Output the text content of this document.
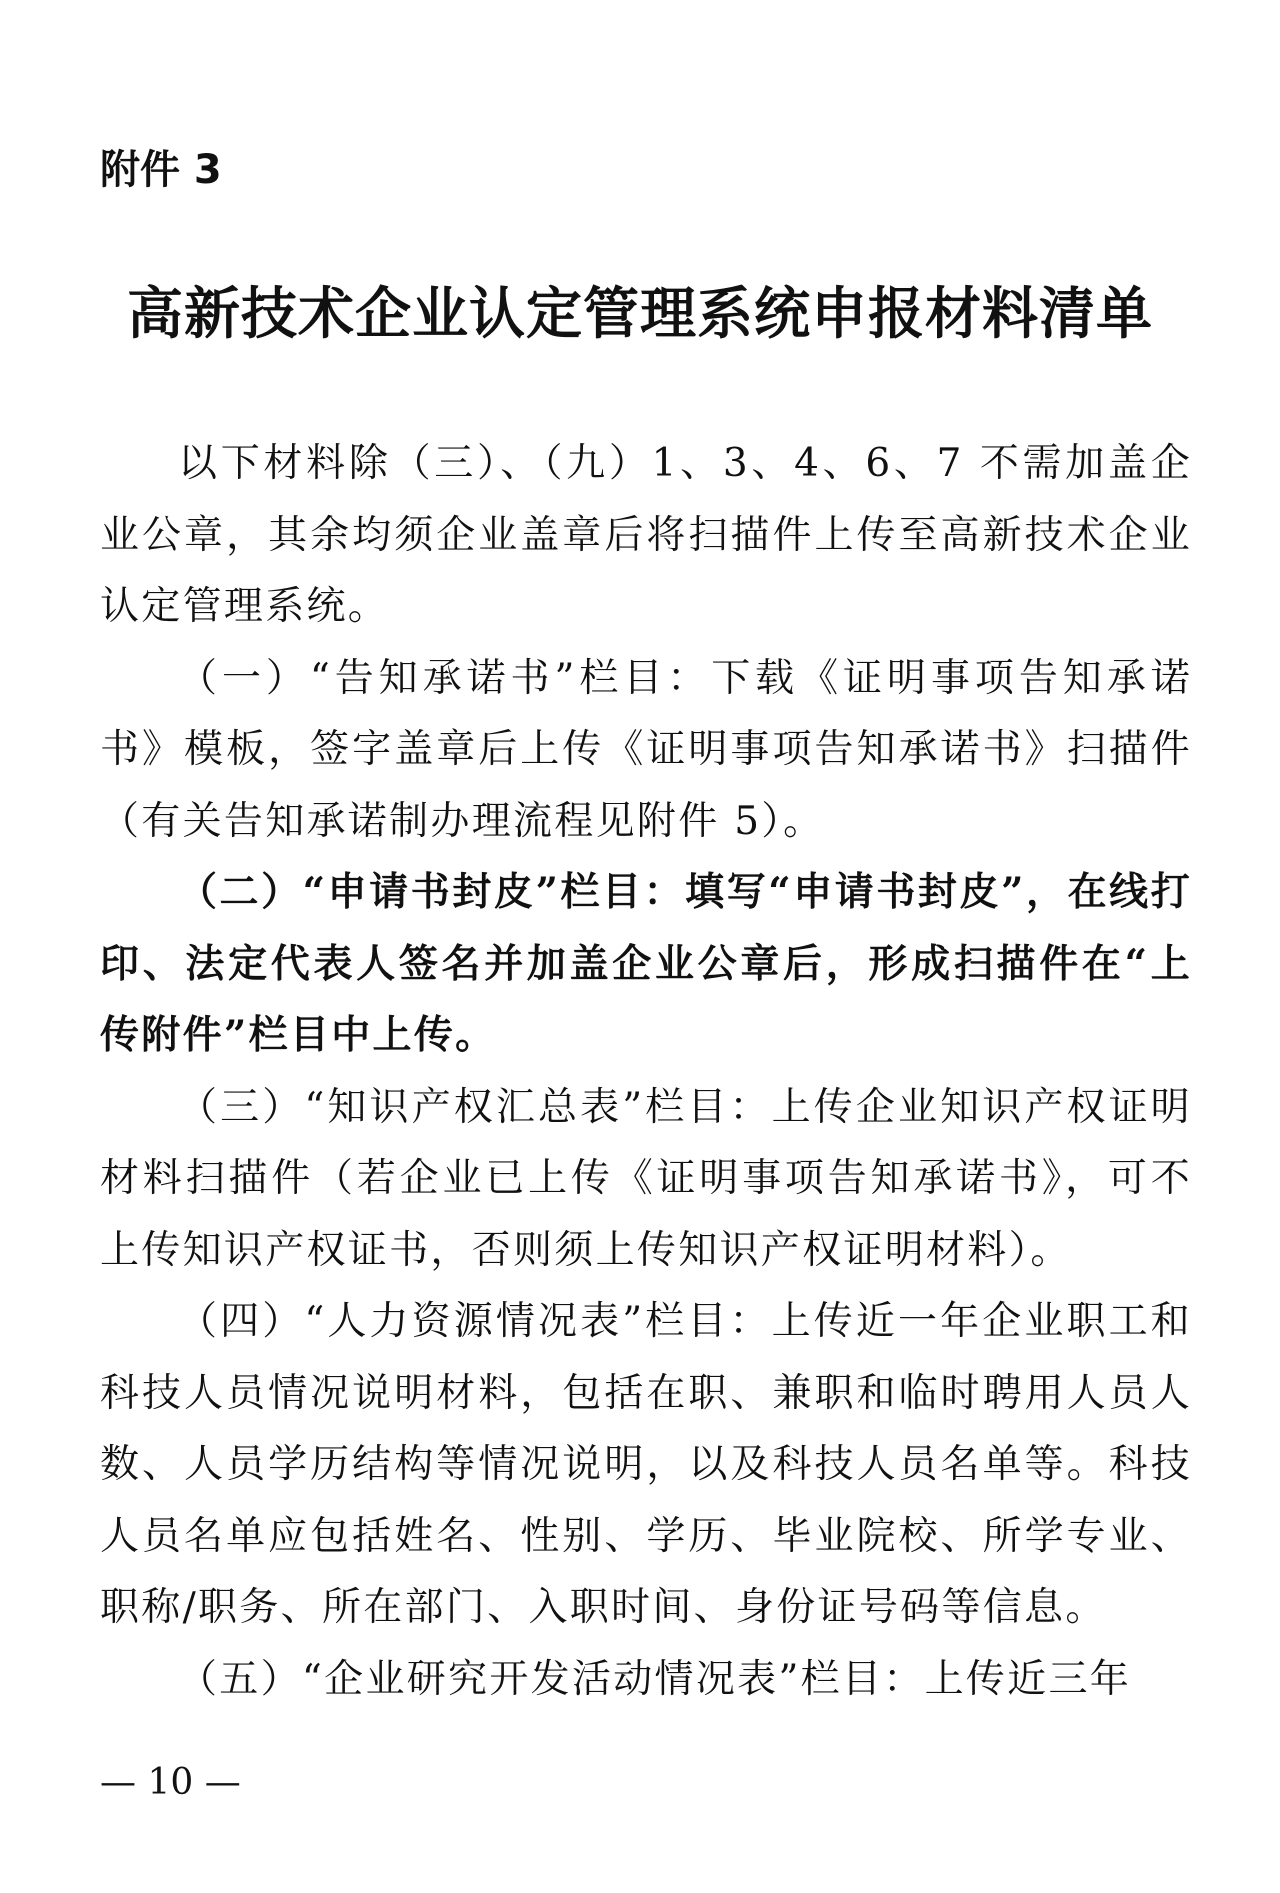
附件 3
高新技术企业认定管理系统申报材料清单

以下材料除（三）、（九）1、3、4、6、7 不需加盖企业公章，其余均须企业盖章后将扫描件上传至高新技术企业认定管理系统。

（一）“告知承诺书”栏目：下载《证明事项告知承诺书》模板，签字盖章后上传《证明事项告知承诺书》扫描件（有关告知承诺制办理流程见附件 5）。

（二）“申请书封皮”栏目：填写“申请书封皮”，在线打印、法定代表人签名并加盖企业公章后，形成扫描件在“上传附件”栏目中上传。

（三）“知识产权汇总表”栏目：上传企业知识产权证明材料扫描件（若企业已上传《证明事项告知承诺书》，可不上传知识产权证书，否则须上传知识产权证明材料）。

（四）“人力资源情况表”栏目：上传近一年企业职工和科技人员情况说明材料，包括在职、兼职和临时聘用人员人数、人员学历结构等情况说明，以及科技人员名单等。科技人员名单应包括姓名、性别、学历、毕业院校、所学专业、职称/职务、所在部门、入职时间、身份证号码等信息。

（五）“企业研究开发活动情况表”栏目：上传近三年

— 10 —
